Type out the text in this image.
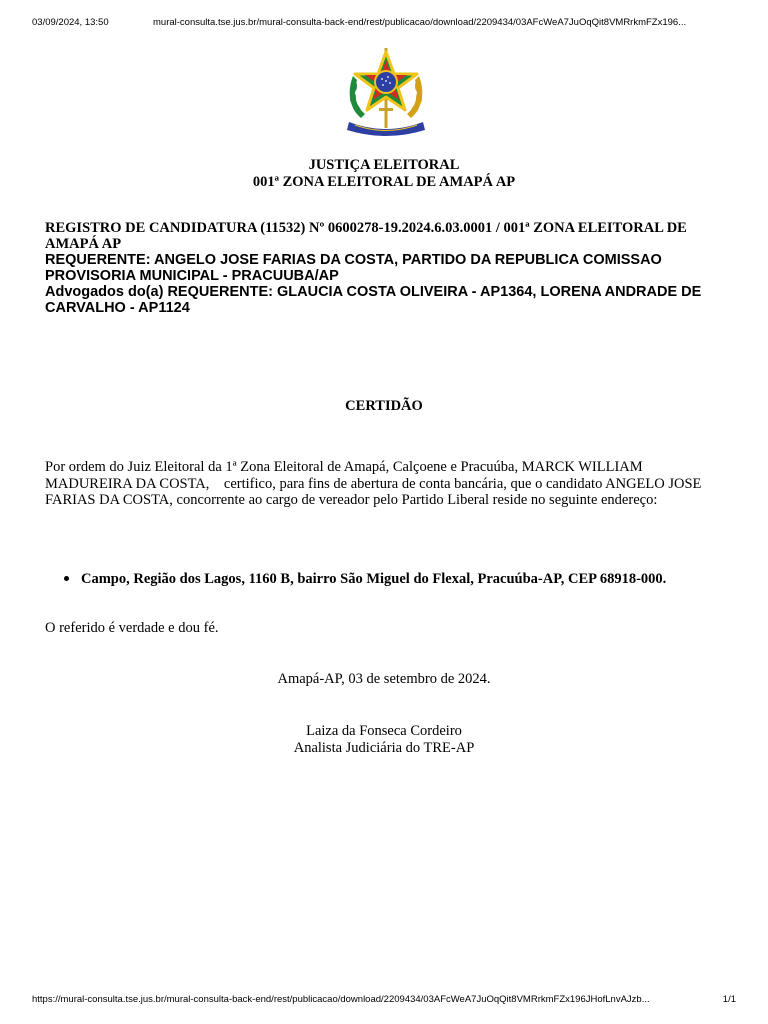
03/09/2024, 13:50	mural-consulta.tse.jus.br/mural-consulta-back-end/rest/publicacao/download/2209434/03AFcWeA7JuOqQit8VMRrkmFZx196...
JUSTIÇA ELEITORAL
001ª ZONA ELEITORAL DE AMAPÁ AP

REGISTRO DE CANDIDATURA (11532) Nº 0600278-19.2024.6.03.0001 / 001ª ZONA ELEITORAL DE AMAPÁ AP

REQUERENTE: ANGELO JOSE FARIAS DA COSTA, PARTIDO DA REPUBLICA COMISSAO PROVISORIA MUNICIPAL - PRACUUBA/AP

Advogados do(a) REQUERENTE: GLAUCIA COSTA OLIVEIRA - AP1364, LORENA ANDRADE DE CARVALHO - AP1124

CERTIDÃO

Por ordem do Juiz Eleitoral da 1ª Zona Eleitoral de Amapá, Calçoene e Pracuúba, MARCK WILLIAM MADUREIRA DA COSTA,    certifico, para fins de abertura de conta bancária, que o candidato ANGELO JOSE FARIAS DA COSTA, concorrente ao cargo de vereador pelo Partido Liberal reside no seguinte endereço:

Campo, Região dos Lagos, 1160 B, bairro São Miguel do Flexal, Pracuúba-AP, CEP 68918-000.
O referido é verdade e dou fé.
Amapá-AP, 03 de setembro de 2024.
Laiza da Fonseca Cordeiro
Analista Judiciária do TRE-AP
https://mural-consulta.tse.jus.br/mural-consulta-back-end/rest/publicacao/download/2209434/03AFcWeA7JuOqQit8VMRrkmFZx196JHofLnvAJzb...	1/1
